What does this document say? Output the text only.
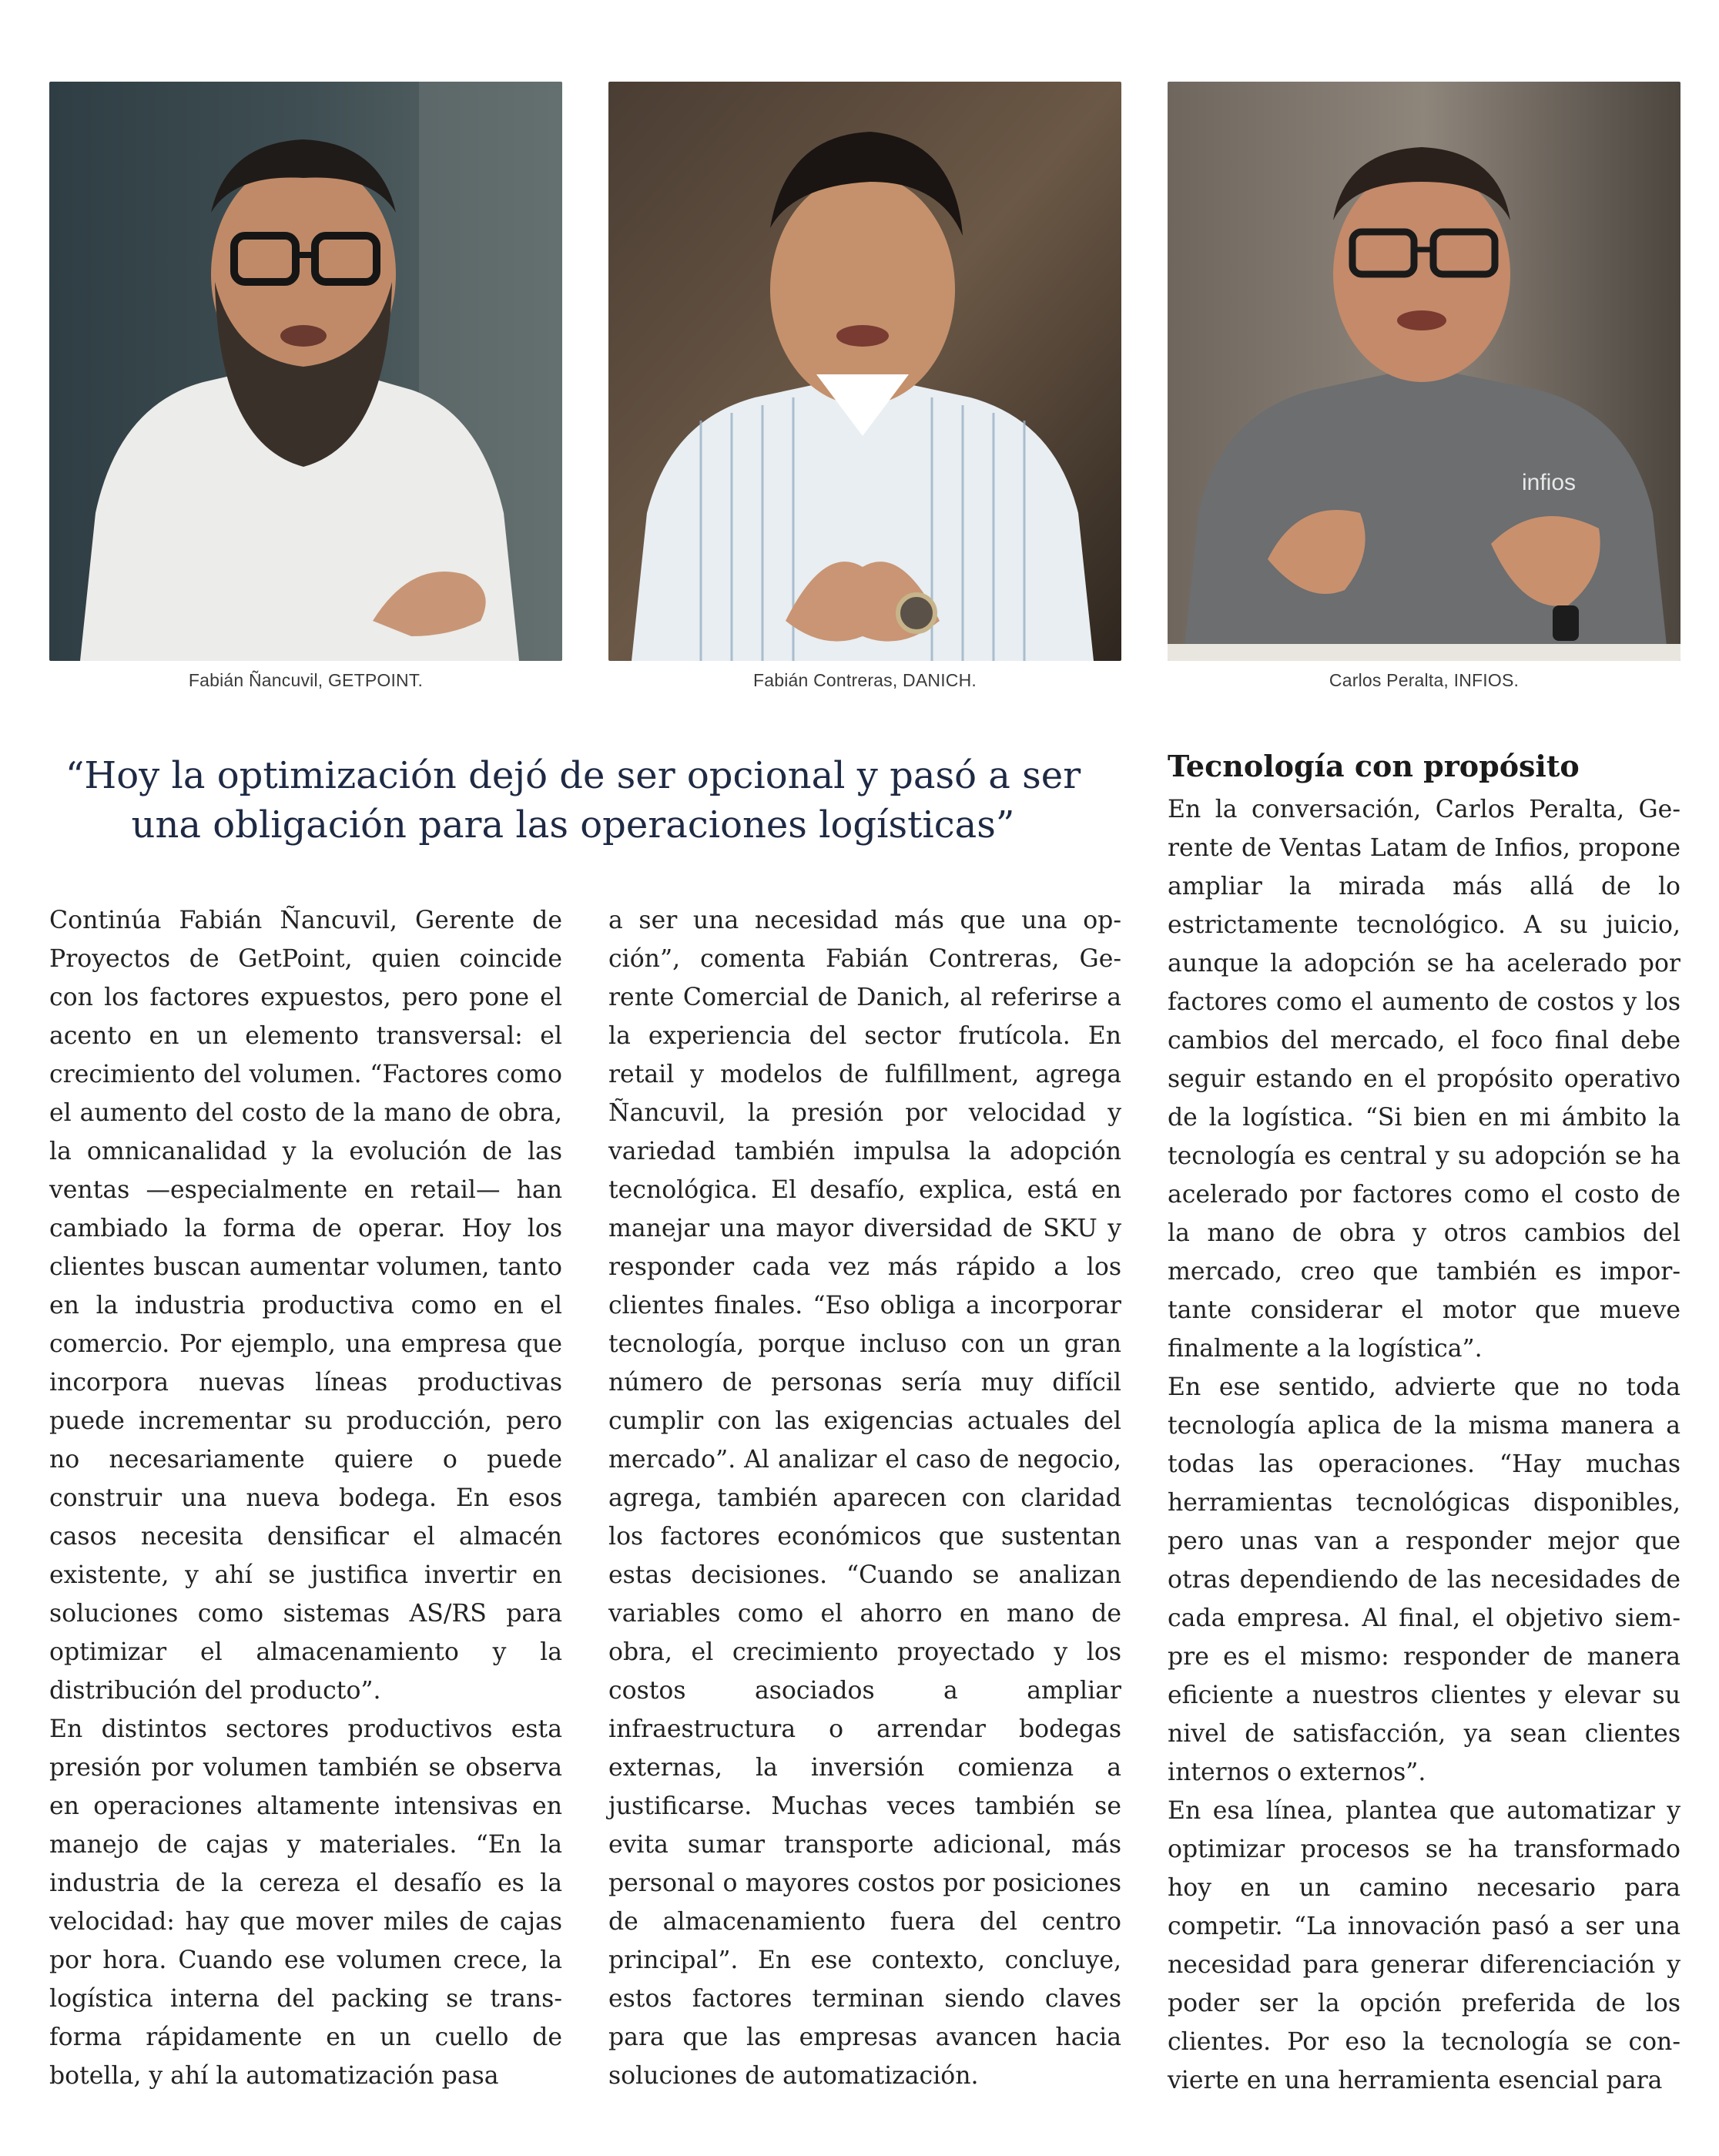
Fabián Ñancuvil, GETPOINT.	Fabián Contreras, DANICH.
infios
Carlos Peralta, INFIOS.
“Hoy la optimización dejó de ser opcional y pasó a ser
una obligación para las operaciones logísticas”
Tecnología con propósito

Continúa Fabián Ñancuvil, Gerente de Proyectos de GetPoint, quien coincide con los factores expuestos, pero pone el acento en un elemento transversal: el crecimiento del volumen. “Factores como el aumento del costo de la mano de obra, la omnicanalidad y la evolución de las ventas —especialmente en retail— han cambiado la forma de operar. Hoy los clientes buscan aumentar volumen, tanto en la industria productiva como en el comercio. Por ejemplo, una empresa que incorpora nuevas líneas productivas puede incrementar su producción, pero no necesariamente quiere o puede construir una nueva bodega. En esos casos necesita densificar el almacén existente, y ahí se justifica invertir en soluciones como sistemas AS/RS para optimizar el almacenamiento y la distribución del producto”.

En distintos sectores productivos esta presión por volumen también se observa en operaciones altamente intensivas en manejo de cajas y materiales. “En la industria de la cereza el desafío es la velocidad: hay que mover miles de cajas por hora. Cuando ese volumen crece, la logística interna del packing se transforma rápidamente en un cuello de botella, y ahí la automatización pasa

a ser una necesidad más que una opción”, comenta Fabián Contreras, Gerente Comercial de Danich, al referirse a la experiencia del sector frutícola. En retail y modelos de fulfillment, agrega Ñancuvil, la presión por velocidad y variedad también impulsa la adopción tecnológica. El desafío, explica, está en manejar una mayor diversidad de SKU y responder cada vez más rápido a los clientes finales. “Eso obliga a incorporar tecnología, porque incluso con un gran número de personas sería muy difícil cumplir con las exigencias actuales del mercado”. Al analizar el caso de negocio, agrega, también aparecen con claridad los factores económicos que sustentan estas decisiones. “Cuando se analizan variables como el ahorro en mano de obra, el crecimiento proyectado y los costos asociados a ampliar infraestructura o arrendar bodegas externas, la inversión comienza a justificarse. Muchas veces también se evita sumar transporte adicional, más personal o mayores costos por posiciones de almacenamiento fuera del centro principal”. En ese contexto, concluye, estos factores terminan siendo claves para que las empresas avancen hacia soluciones de automatización.

En la conversación, Carlos Peralta, Gerente de Ventas Latam de Infios, propone ampliar la mirada más allá de lo estrictamente tecnológico. A su juicio, aunque la adopción se ha acelerado por factores como el aumento de costos y los cambios del mercado, el foco final debe seguir estando en el propósito operativo de la logística. “Si bien en mi ámbito la tecnología es central y su adopción se ha acelerado por factores como el costo de la mano de obra y otros cambios del mercado, creo que también es importante considerar el motor que mueve finalmente a la logística”.

En ese sentido, advierte que no toda tecnología aplica de la misma manera a todas las operaciones. “Hay muchas herramientas tecnológicas disponibles, pero unas van a responder mejor que otras dependiendo de las necesidades de cada empresa. Al final, el objetivo siempre es el mismo: responder de manera eficiente a nuestros clientes y elevar su nivel de satisfacción, ya sean clientes internos o externos”.

En esa línea, plantea que automatizar y optimizar procesos se ha transformado hoy en un camino necesario para competir. “La innovación pasó a ser una necesidad para generar diferenciación y poder ser la opción preferida de los clientes. Por eso la tecnología se convierte en una herramienta esencial para
